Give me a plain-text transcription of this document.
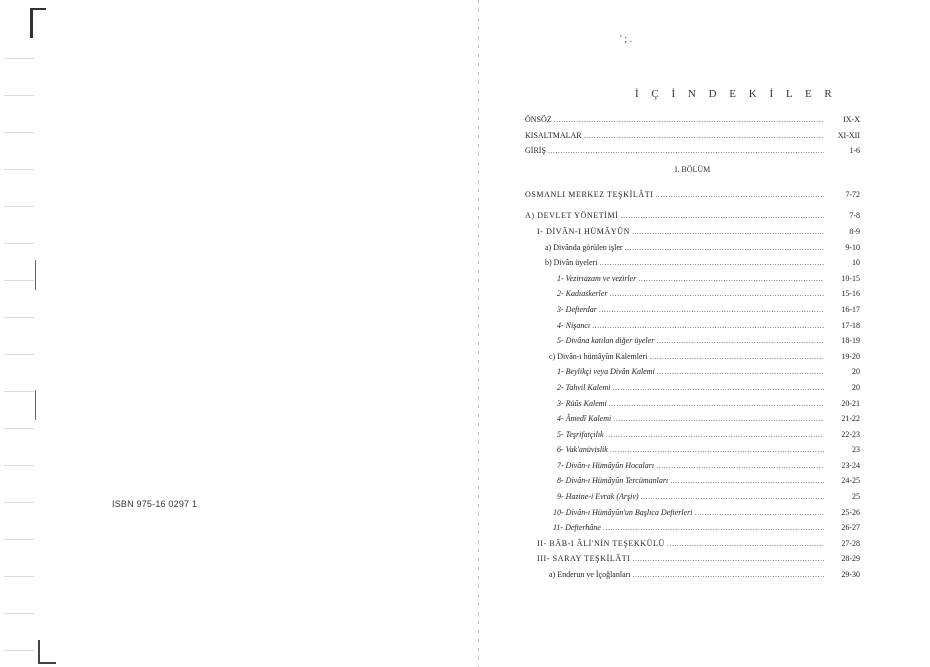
ISBN 975-16 0297 1
' ; .
İ Ç İ N D E K İ L E R
ÖNSÖZ .....	IX-X
KISALTMALAR .....	XI-XII
GİRİŞ .....	1-6
I. BÖLÜM
OSMANLI MERKEZ TEŞKİLÂTI .....	7-72
A) DEVLET YÖNETİMİ .....	7-8
I- DİVÂN-I HÜMÂYÛN .....	8-9
a) Divânda görülen işler .....	9-10
b) Divân üyeleri .....	10
1- Vezirıazam ve vezirler .....	10-15
2- Kadıaskerler .....	15-16
3- Defterdar .....	16-17
4- Nişancı .....	17-18
5- Divâna katılan diğer üyeler .....	18-19
c) Divân-ı hümâyûn Kalemleri .....	19-20
1- Beylikçi veya Divân Kalemi .....	20
2- Tahvil Kalemi .....	20
3- Rüûs Kalemi .....	20-21
4- Âmedî Kalemi .....	21-22
5- Teşrifatçılık .....	22-23
6- Vak'anüvislik .....	23
7- Divân-ı Hümâyûn Hocaları .....	23-24
8- Divân-ı Hümâyûn Tercümanları .....	24-25
9- Hazine-i Evrak (Arşiv) .....	25
10- Divân-ı Hümâyûn'un Başlıca Defterleri .....	25-26
11- Defterhâne .....	26-27
II- BÂB-I ÂLİ'NİN TEŞEKKÜLÜ .....	27-28
III- SARAY TEŞKİLÂTI .....	28-29
a) Enderun ve İçoğlanları .....	29-30
